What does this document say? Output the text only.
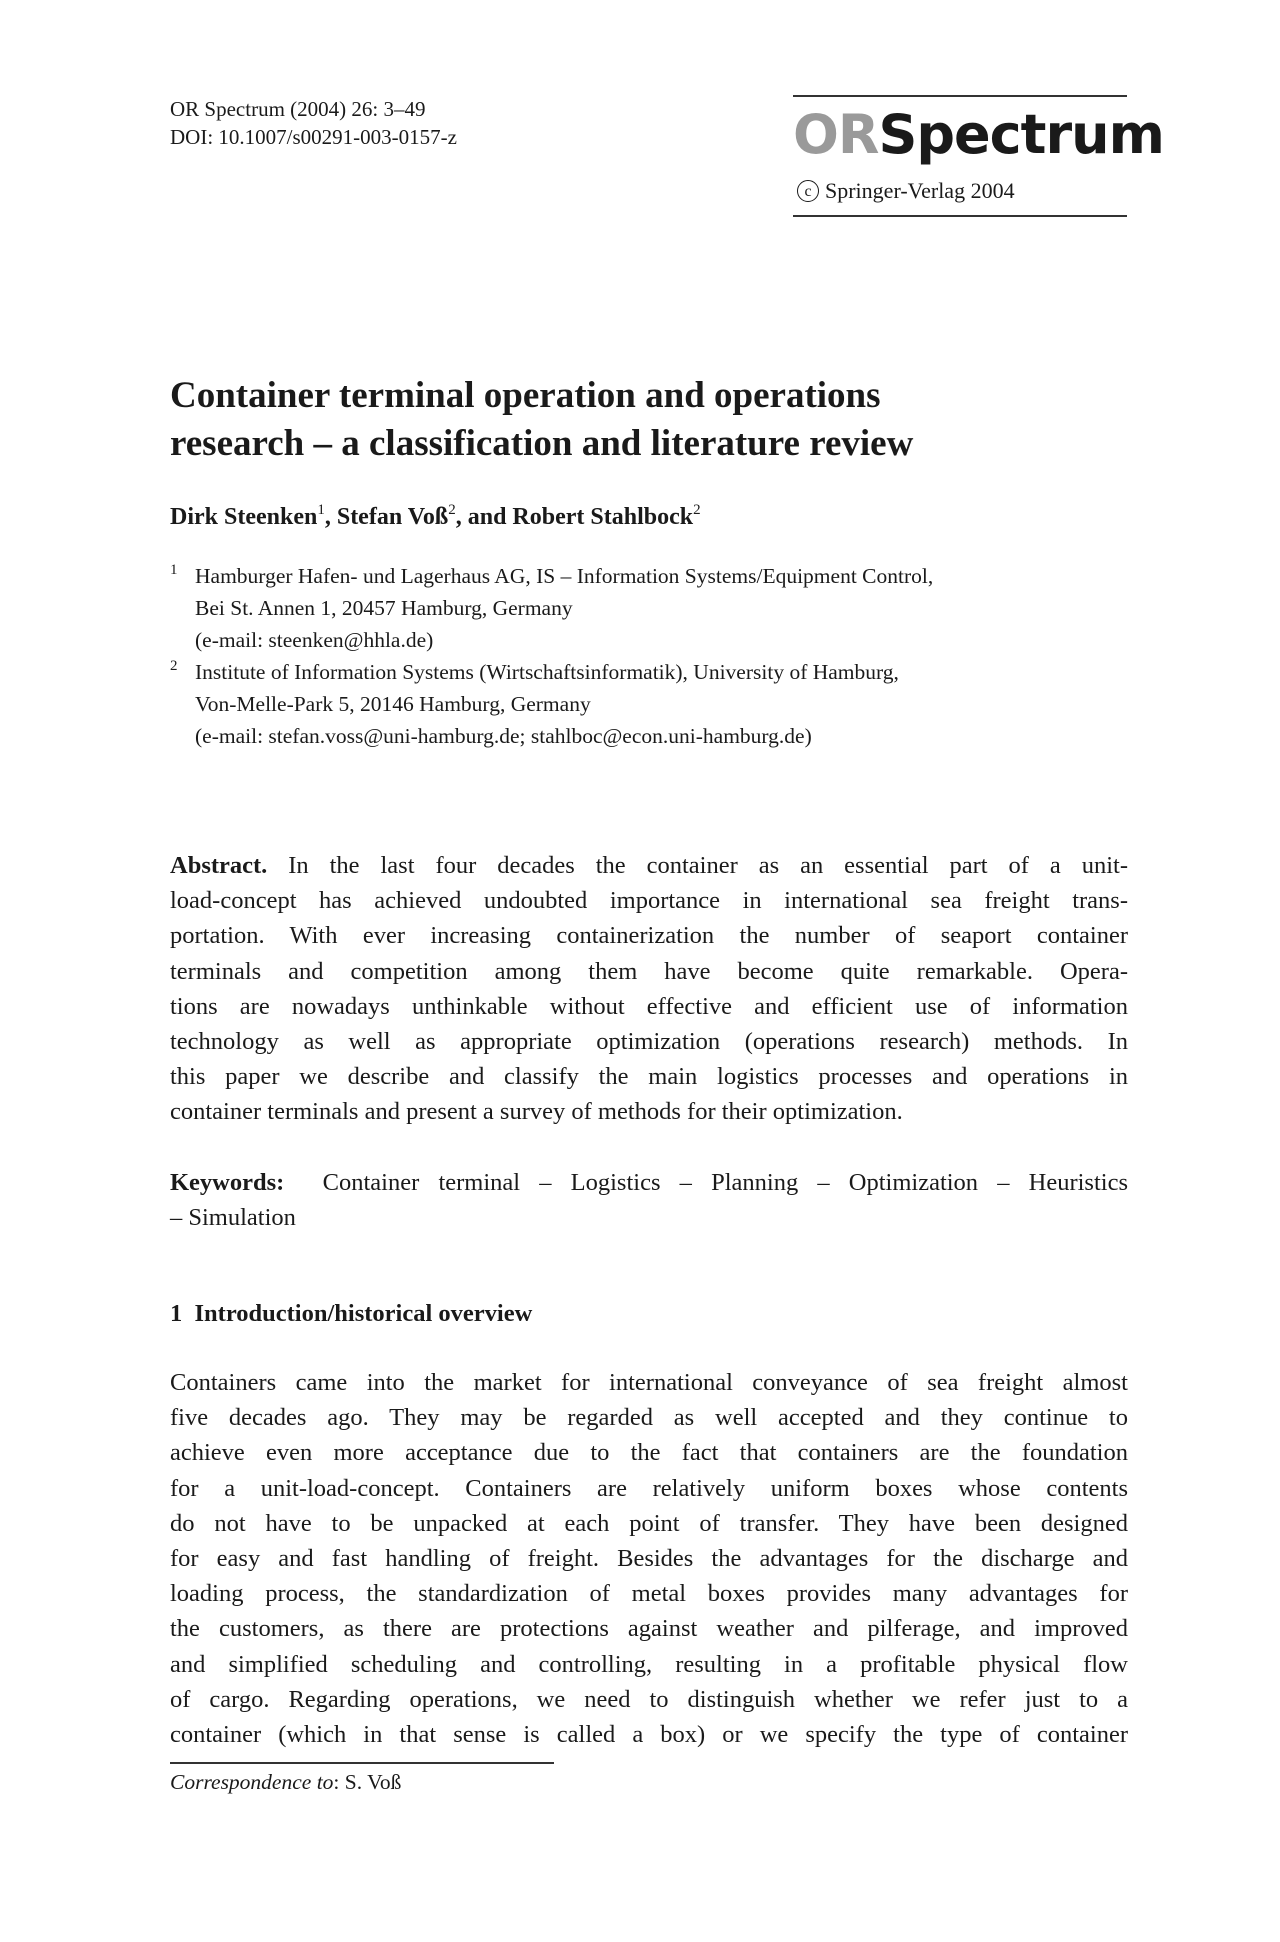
OR Spectrum (2004) 26: 3–49
DOI: 10.1007/s00291-003-0157-z	ORSpectrum
c Springer-Verlag 2004
Container terminal operation and operations
research – a classification and literature review
Dirk Steenken$^1$, Stefan Voß$^2$, and Robert Stahlbock$^2$
1 Hamburger Hafen- und Lagerhaus AG, IS – Information Systems/Equipment Control,
Bei St. Annen 1, 20457 Hamburg, Germany
(e-mail: steenken@hhla.de)
2 Institute of Information Systems (Wirtschaftsinformatik), University of Hamburg,
Von-Melle-Park 5, 20146 Hamburg, Germany
(e-mail: stefan.voss@uni-hamburg.de; stahlboc@econ.uni-hamburg.de)
Abstract. In the last four decades the container as an essential part of a unit-
load-concept has achieved undoubted importance in international sea freight trans-
portation. With ever increasing containerization the number of seaport container
terminals and competition among them have become quite remarkable. Opera-
tions are nowadays unthinkable without effective and efficient use of information
technology as well as appropriate optimization (operations research) methods. In
this paper we describe and classify the main logistics processes and operations in
container terminals and present a survey of methods for their optimization.
Keywords:  Container terminal – Logistics – Planning – Optimization – Heuristics
– Simulation
1  Introduction/historical overview
Containers came into the market for international conveyance of sea freight almost
five decades ago. They may be regarded as well accepted and they continue to
achieve even more acceptance due to the fact that containers are the foundation
for a unit-load-concept. Containers are relatively uniform boxes whose contents
do not have to be unpacked at each point of transfer. They have been designed
for easy and fast handling of freight. Besides the advantages for the discharge and
loading process, the standardization of metal boxes provides many advantages for
the customers, as there are protections against weather and pilferage, and improved
and simplified scheduling and controlling, resulting in a profitable physical flow
of cargo. Regarding operations, we need to distinguish whether we refer just to a
container (which in that sense is called a box) or we specify the type of container
Correspondence to: S. Voß
